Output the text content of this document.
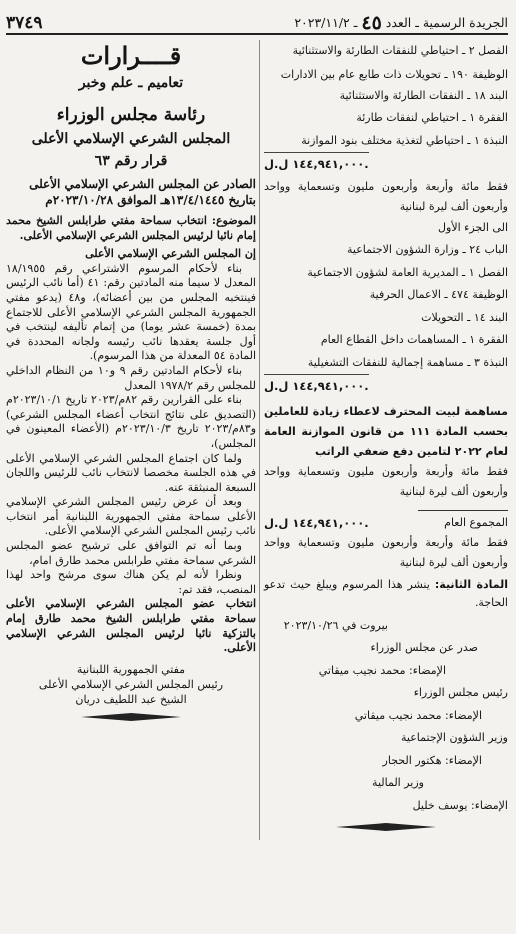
الجريدة الرسمية ـ العدد ٤٥ ـ ٢٠٢٣/١١/٢
٣٧٤٩
الفصل ٢ ـ احتياطي للنفقات الطارئة والاستثنائية
الوظيفة ١٩٠ ـ تحويلات ذات طابع عام بين الادارات
البند ١٨ ـ النفقات الطارئة والاستثنائية
الفقرة ١ ـ احتياطي لنفقات طارئة
النبذة ١ ـ احتياطي لتغذية مختلف بنود الموازنة
١٤٤,٩٤١,٠٠٠ ل.ل.
فقط مائة وأربعة وأربعون مليون وتسعماية وواحد وأربعون ألف ليرة لبنانية
الى الجزء الأول
الباب ٢٤ ـ وزارة الشؤون الاجتماعية
الفصل ١ ـ المديرية العامة لشؤون الاجتماعية
الوظيفة ٤٧٤ ـ الاعمال الحرفية
البند ١٤ ـ التحويلات
الفقرة ١ ـ المساهمات داخل القطاع العام
النبذة ٣ ـ مساهمة إجمالية للنفقات التشغيلية
١٤٤,٩٤١,٠٠٠ ل.ل.
مساهمة لبيت المحترف لاعطاء زيادة للعاملين بحسب المادة ١١١ من قانون الموازنة العامة لعام ٢٠٢٢ لتامين دفع ضعفي الراتب
فقط مائة وأربعة وأربعون مليون وتسعماية وواحد وأربعون ألف ليرة لبنانية
المجموع العام
١٤٤,٩٤١,٠٠٠ ل.ل.
فقط مائة وأربعة وأربعون مليون وتسعماية وواحد وأربعون ألف ليرة لبنانية
المادة الثانية: ينشر هذا المرسوم ويبلغ حيث تدعو الحاجة.
بيروت في ٢٠٢٣/١٠/٢٦
صدر عن مجلس الوزراء
الإمضاء: محمد نجيب ميقاتي
رئيس مجلس الوزراء
الإمضاء: محمد نجيب ميقاتي
وزير الشؤون الإجتماعية
الإمضاء: هكتور الحجار
وزير المالية
الإمضاء: يوسف خليل
قــــرارات
تعاميم ـ علم وخبر
رئاسة مجلس الوزراء
المجلس الشرعي الإسلامي الأعلى
قرار رقم ٦٣
الصادر عن المجلس الشرعي الإسلامي الأعلى
بتاريخ ١٣/٤/١٤٤٥هـ الموافق ٢٠٢٣/١٠/٢٨م
الموضوع: انتخاب سماحة مفتي طرابلس الشيخ محمد إمام نائبا لرئيس المجلس الشرعي الإسلامي الأعلى.
إن المجلس الشرعي الإسلامي الأعلى
بناء لأحكام المرسوم الاشتراعي رقم ١٨/١٩٥٥ المعدل لا سيما منه المادتين رقم: ٤١ (أما نائب الرئيس فينتخبه المجلس من بين أعضائه)، و٤٨ (يدعو مفتي الجمهورية المجلس الشرعي الإسلامي الأعلى للاجتماع بمدة (خمسة عشر يوما) من إتمام تأليفه لينتخب في أول جلسة يعقدها نائب رئيسه ولجانه المحددة في المادة ٥٤ المعدلة من هذا المرسوم).
بناء لأحكام المادتين رقم ٩ و١٠ من النظام الداخلي للمجلس رقم ١٩٧٨/٢ المعدل
بناء على القرارين رقم ٨٢م/٢٠٢٣ تاريخ ٢٠٢٣/١٠/١م (التصديق على نتائج انتخاب أعضاء المجلس الشرعي) و٨٣م/٢٠٢٣ تاريخ ٢٠٢٣/١٠/٣م (الأعضاء المعينون في المجلس)،
ولما كان اجتماع المجلس الشرعي الإسلامي الأعلى في هذه الجلسة مخصصا لانتخاب نائب للرئيس واللجان السبعة المنبثقة عنه.
وبعد أن عرض رئيس المجلس الشرعي الإسلامي الأعلى سماحة مفتي الجمهورية اللبنانية أمر انتخاب نائب رئيس المجلس الشرعي الإسلامي الأعلى.
وبما أنه تم التوافق على ترشيح عضو المجلس الشرعي سماحة مفتي طرابلس محمد طارق امام،
ونظرا لأنه لم يكن هناك سوى مرشح واحد لهذا المنصب، فقد تم:
انتخاب عضو المجلس الشرعي الإسلامي الأعلى سماحة مفتي طرابلس الشيخ محمد طارق إمام بالتزكية نائبا لرئيس المجلس الشرعي الإسلامي الأعلى.
مفتي الجمهورية اللبنانية
رئيس المجلس الشرعي الإسلامي الأعلى
الشيخ عبد اللطيف دريان
